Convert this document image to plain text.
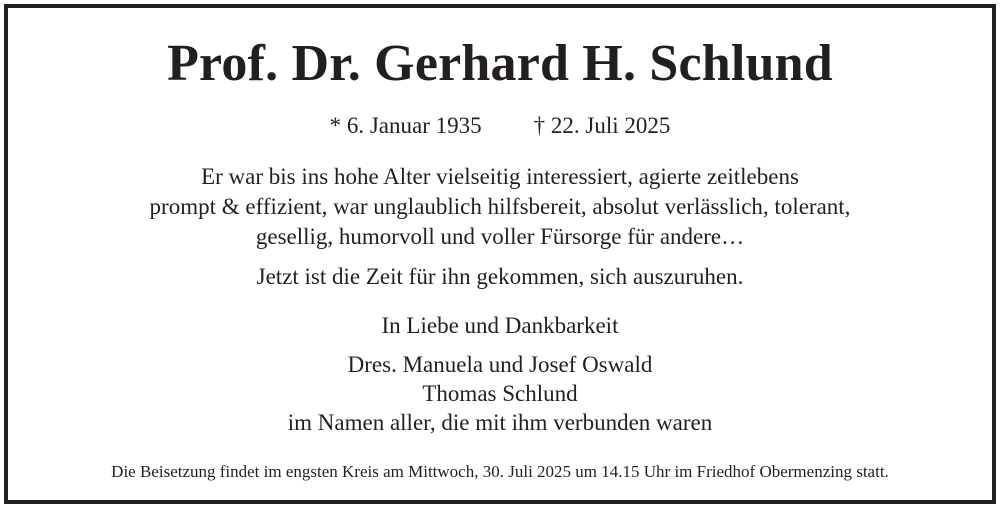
Prof. Dr. Gerhard H. Schlund
* 6. Januar 1935 † 22. Juli 2025
Er war bis ins hohe Alter vielseitig interessiert, agierte zeitlebens
prompt & effizient, war unglaublich hilfsbereit, absolut verlässlich, tolerant,
gesellig, humorvoll und voller Fürsorge für andere…
Jetzt ist die Zeit für ihn gekommen, sich auszuruhen.
In Liebe und Dankbarkeit
Dres. Manuela und Josef Oswald
Thomas Schlund
im Namen aller, die mit ihm verbunden waren
Die Beisetzung findet im engsten Kreis am Mittwoch, 30. Juli 2025 um 14.15 Uhr im Friedhof Obermenzing statt.
